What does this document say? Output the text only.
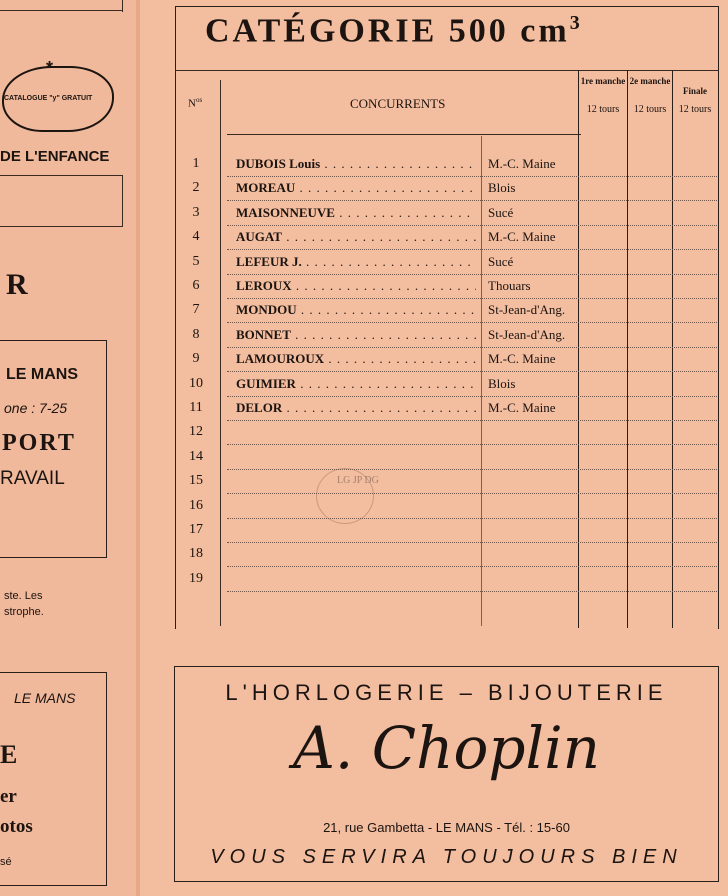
*
CATALOGUE "y" GRATUIT
DE L'ENFANCE
R
LE MANS
one : 7-25
PORT
RAVAIL
ste. Les
strophe.
LE MANS
E
er
otos
sé
CATÉGORIE 500 $cm^3$
$N^{os}$	CONCURRENTS
1re manche
12 tours
2e manche
12 tours
Finale
12 tours
1	DUBOIS Louis . . .	M.-C. Maine
2	MOREAU . . .	Blois
3	MAISONNEUVE . . .	Sucé
4	AUGAT . . .	M.-C. Maine
5	LEFEUR J. . . .	Sucé
6	LEROUX . . .	Thouars
7	MONDOU . . .	St-Jean-d'Ang.
8	BONNET . . .	St-Jean-d'Ang.
9	LAMOUROUX . . .	M.-C. Maine
10	GUIMIER . . .	Blois
11	DELOR . . .	M.-C. Maine
12
14
15
16
17
18
19
LG JP DG
L'HORLOGERIE – BIJOUTERIE
A. Choplin
21, rue Gambetta - LE MANS - Tél. : 15-60
VOUS SERVIRA TOUJOURS BIEN
